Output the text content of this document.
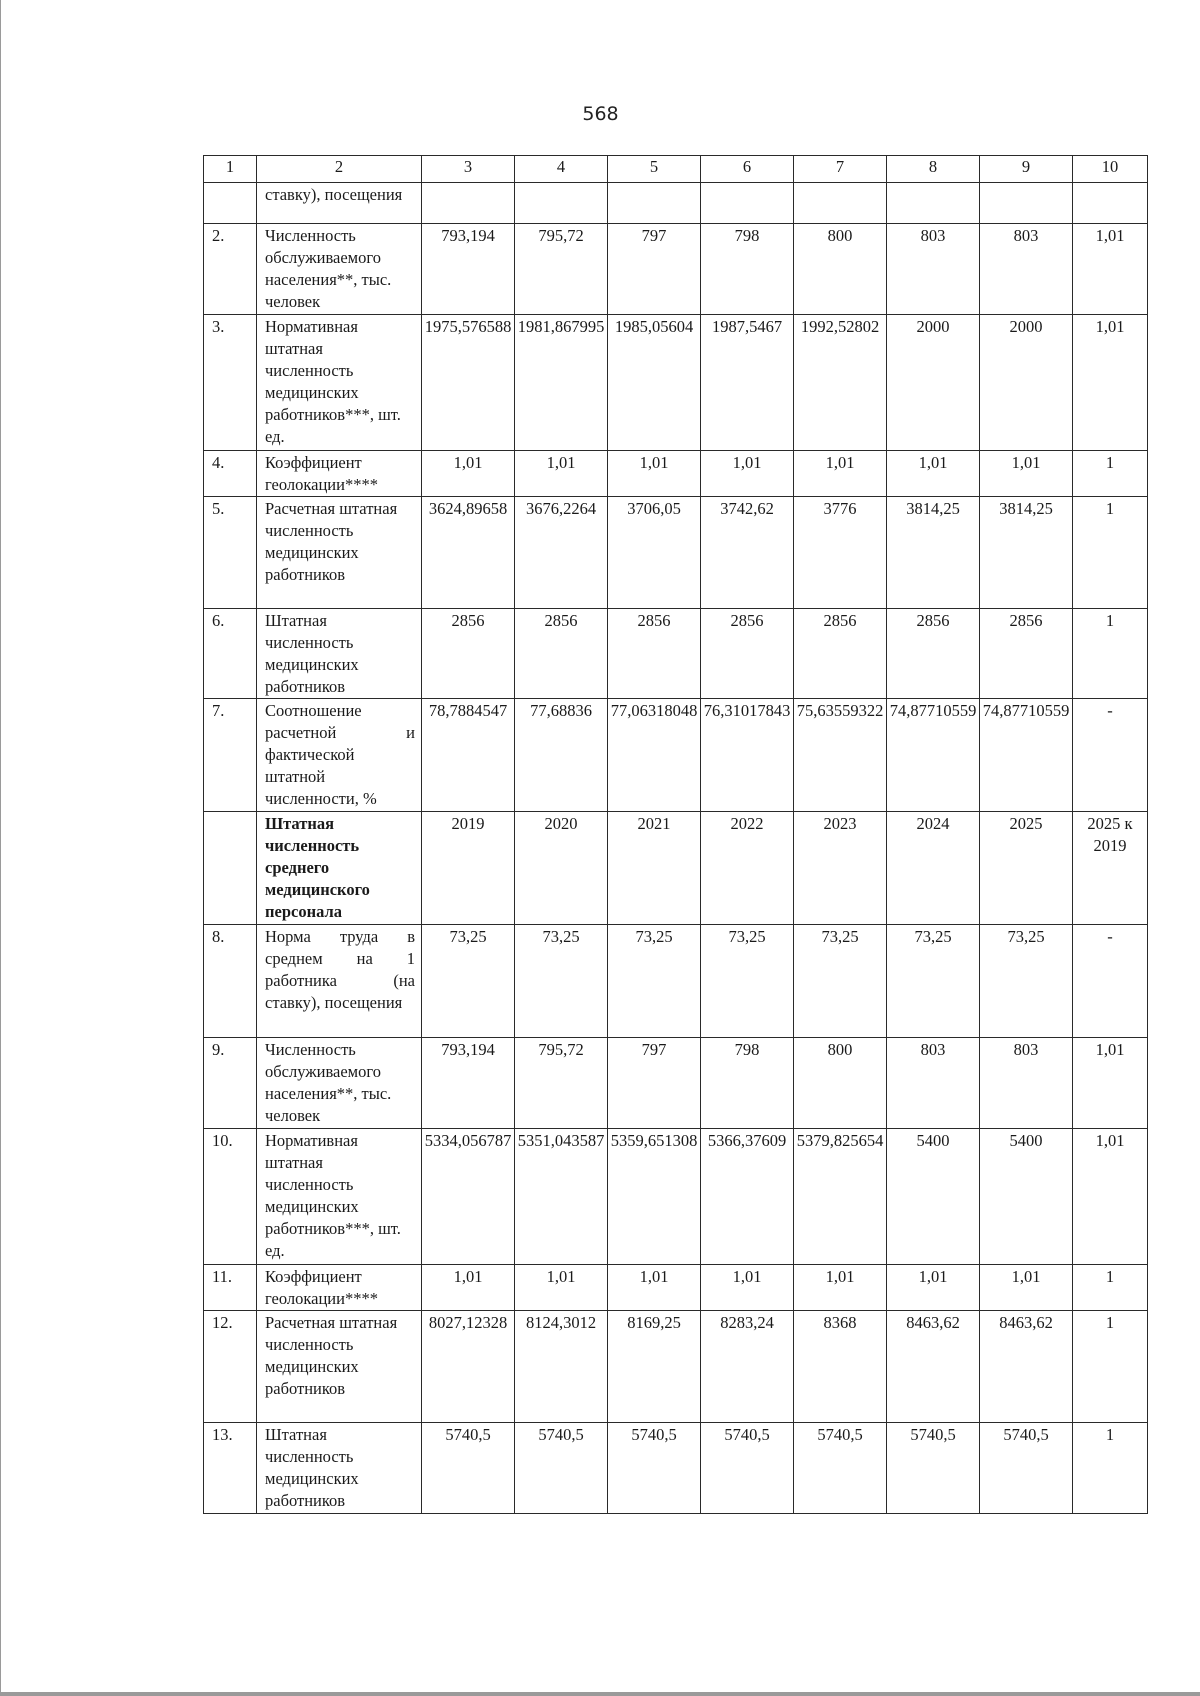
568
1	2	3	4	5	6	7	8	9	10
	ставку), посещения								
2.	Численность обслуживаемого населения**, тыс. человек	793,194	795,72	797	798	800	803	803	1,01
3.	Нормативная штатная численность медицинских работников***, шт. ед.	1975,576588	1981,867995	1985,05604	1987,5467	1992,52802	2000	2000	1,01
4.	Коэффициент геолокации****	1,01	1,01	1,01	1,01	1,01	1,01	1,01	1
5.	Расчетная штатная численность медицинских работников	3624,89658	3676,2264	3706,05	3742,62	3776	3814,25	3814,25	1
6.	Штатная численность медицинских работников	2856	2856	2856	2856	2856	2856	2856	1
7.	Соотношение расчетной и фактической штатной численности, %	78,7884547	77,68836	77,06318048	76,31017843	75,63559322	74,87710559	74,87710559	-
	Штатная численность среднего медицинского персонала	2019	2020	2021	2022	2023	2024	2025	2025 к 2019
8.	Норма труда в среднем на 1 работника (на ставку), посещения	73,25	73,25	73,25	73,25	73,25	73,25	73,25	-
9.	Численность обслуживаемого населения**, тыс. человек	793,194	795,72	797	798	800	803	803	1,01
10.	Нормативная штатная численность медицинских работников***, шт. ед.	5334,056787	5351,043587	5359,651308	5366,37609	5379,825654	5400	5400	1,01
11.	Коэффициент геолокации****	1,01	1,01	1,01	1,01	1,01	1,01	1,01	1
12.	Расчетная штатная численность медицинских работников	8027,12328	8124,3012	8169,25	8283,24	8368	8463,62	8463,62	1
13.	Штатная численность медицинских работников	5740,5	5740,5	5740,5	5740,5	5740,5	5740,5	5740,5	1
